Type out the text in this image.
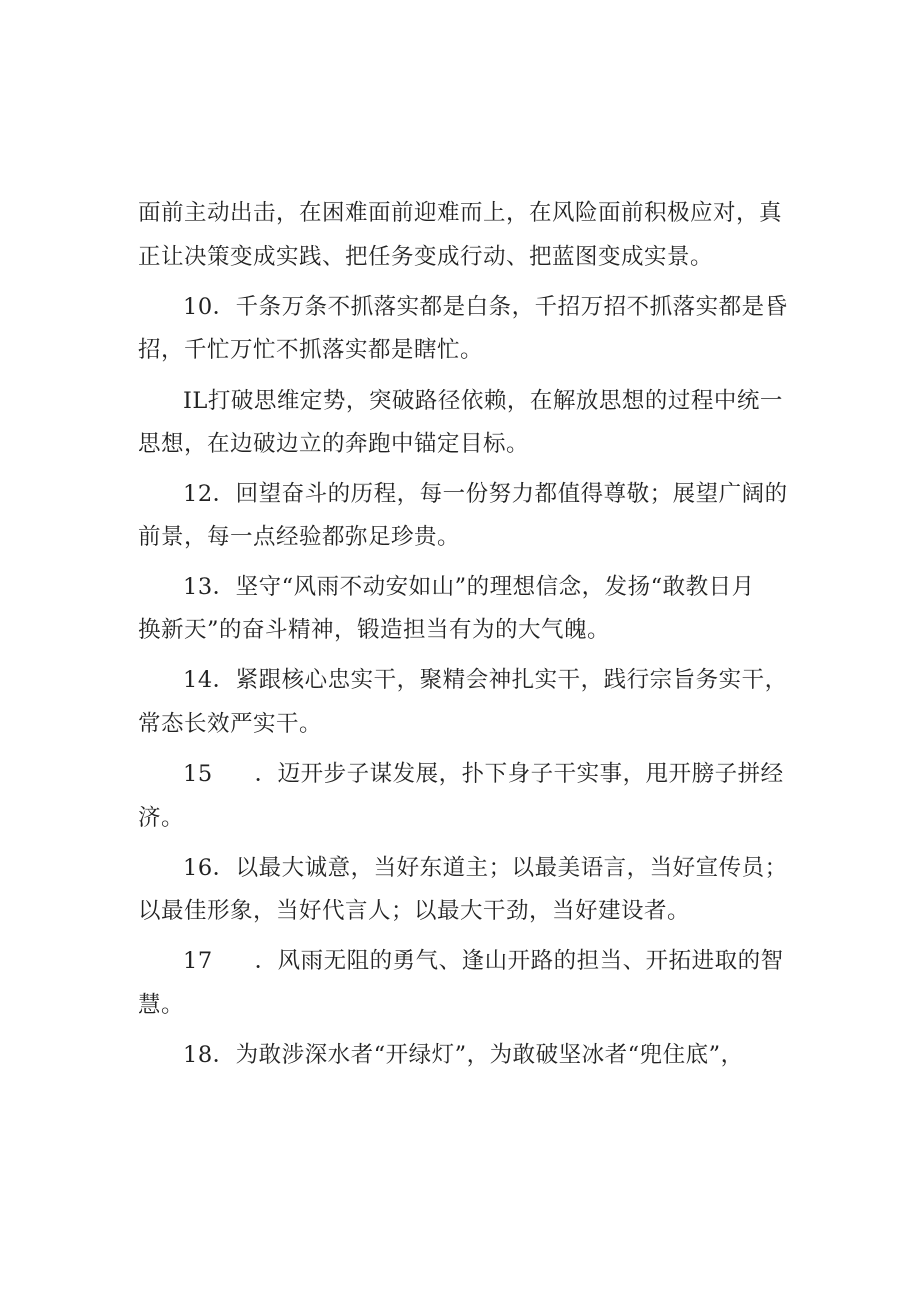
面前主动出击，在困难面前迎难而上，在风险面前积极应对，真

正让决策变成实践、把任务变成行动、把蓝图变成实景。

10．千条万条不抓落实都是白条，千招万招不抓落实都是昏

招，千忙万忙不抓落实都是瞎忙。

IL打破思维定势，突破路径依赖，在解放思想的过程中统一

思想，在边破边立的奔跑中锚定目标。

12．回望奋斗的历程，每一份努力都值得尊敬；展望广阔的

前景，每一点经验都弥足珍贵。

13．坚守“风雨不动安如山”的理想信念，发扬“敢教日月

换新天”的奋斗精神，锻造担当有为的大气魄。

14．紧跟核心忠实干，聚精会神扎实干，践行宗旨务实干，

常态长效严实干。

15 ．迈开步子谋发展，扑下身子干实事，甩开膀子拼经

济。

16．以最大诚意，当好东道主；以最美语言，当好宣传员；

以最佳形象，当好代言人；以最大干劲，当好建设者。

17 ．风雨无阻的勇气、逢山开路的担当、开拓进取的智

慧。

18．为敢涉深水者“开绿灯”，为敢破坚冰者“兜住底”，
